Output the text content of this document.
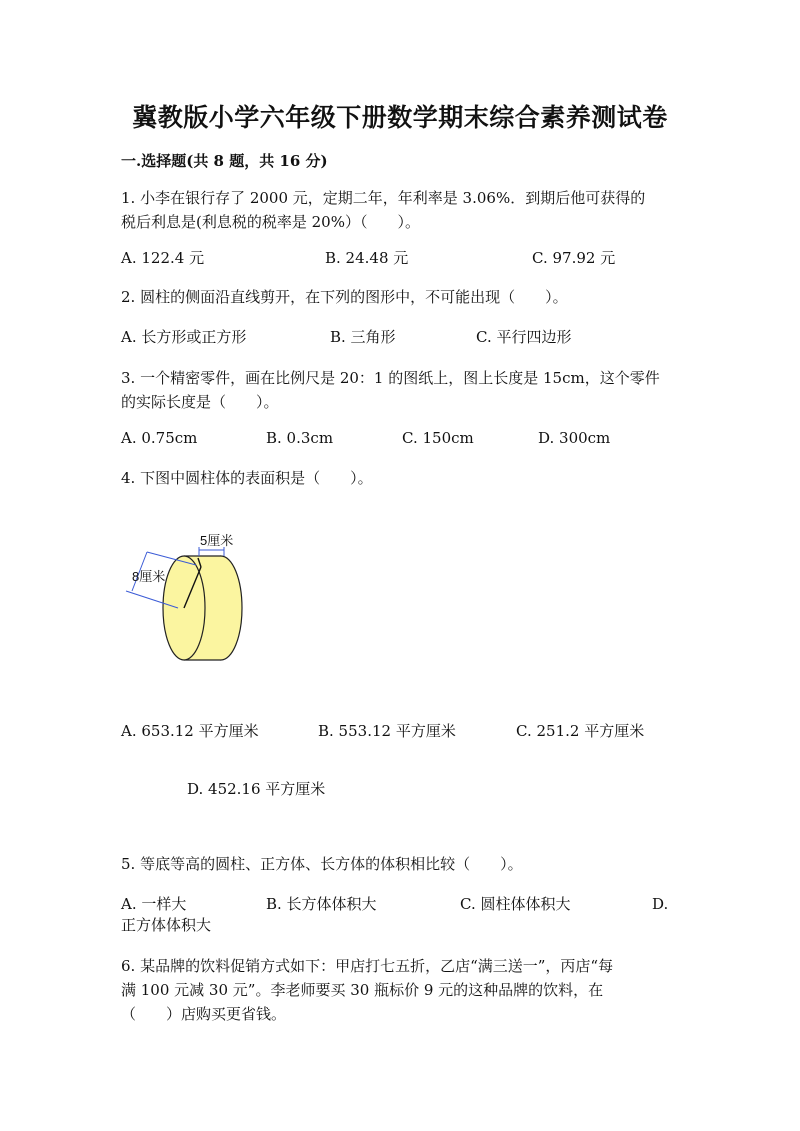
冀教版小学六年级下册数学期末综合素养测试卷
一.选择题(共 8 题，共 16 分)
1. 小李在银行存了 2000 元，定期二年，年利率是 3.06%．到期后他可获得的
税后利息是(利息税的税率是 20%）（　　）。
A. 122.4 元	B. 24.48 元	C. 97.92 元
2. 圆柱的侧面沿直线剪开，在下列的图形中，不可能出现（　　）。
A. 长方形或正方形	B. 三角形	C. 平行四边形
3. 一个精密零件，画在比例尺是 20：1 的图纸上，图上长度是 15cm，这个零件
的实际长度是（　　）。
A. 0.75cm	B. 0.3cm	C. 150cm	D. 300cm
4. 下图中圆柱体的表面积是（　　）。
5厘米
8厘米
A. 653.12 平方厘米	B. 553.12 平方厘米	C. 251.2 平方厘米
D. 452.16 平方厘米
5. 等底等高的圆柱、正方体、长方体的体积相比较（　　）。
A. 一样大	B. 长方体体积大	C. 圆柱体体积大	D.
正方体体积大
6. 某品牌的饮料促销方式如下：甲店打七五折，乙店“满三送一”，丙店“每
满 100 元减 30 元”。李老师要买 30 瓶标价 9 元的这种品牌的饮料，在
（　　）店购买更省钱。
